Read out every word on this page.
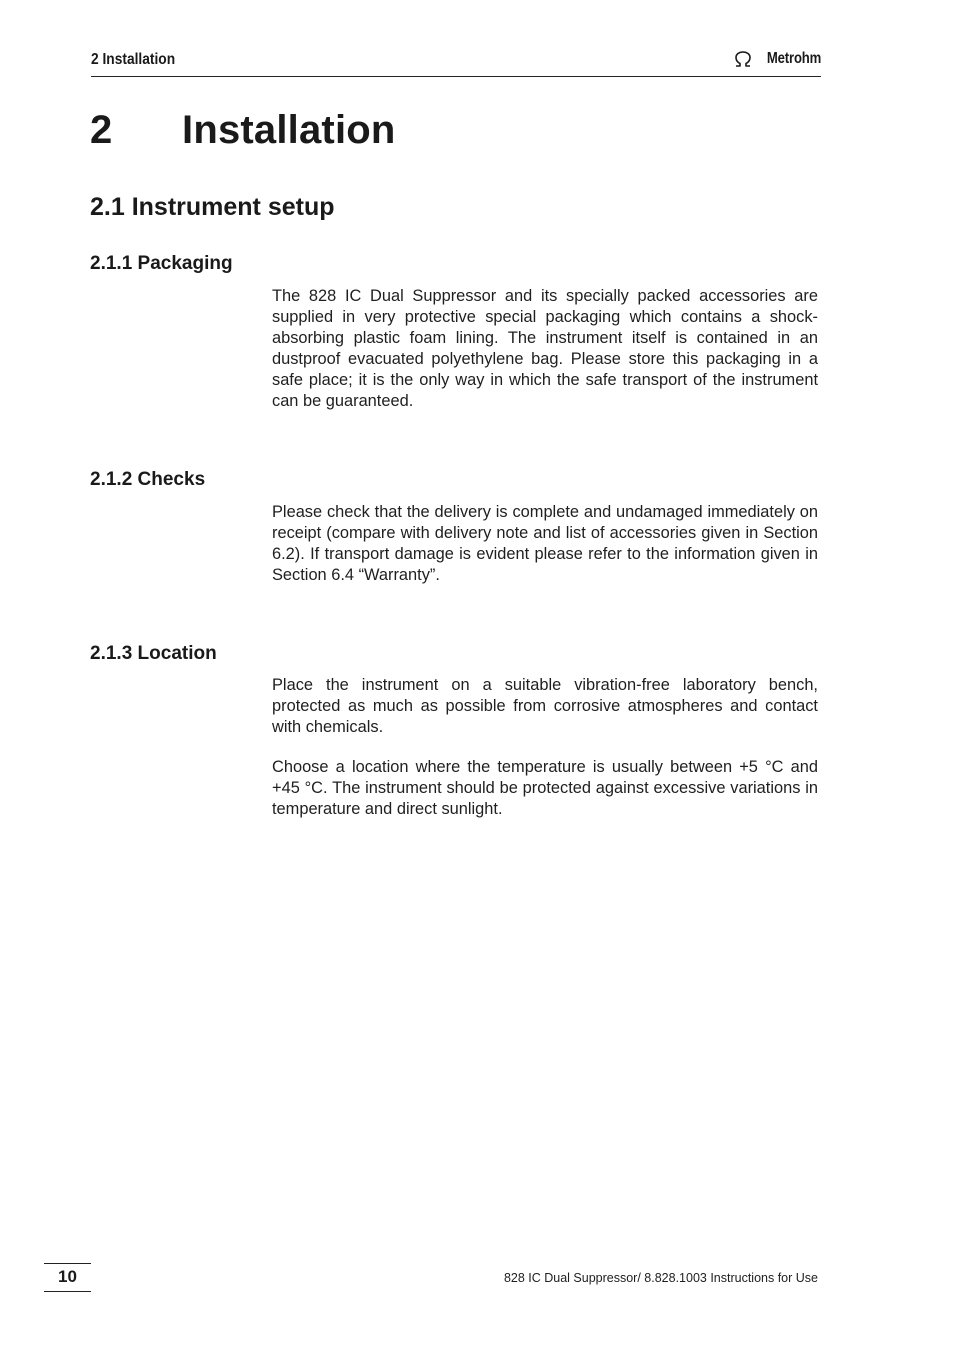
2 Installation	Metrohm
2 Installation
2.1 Instrument setup
2.1.1 Packaging

The 828 IC Dual Suppressor and its specially packed accessories are supplied in very protective special packaging which contains a shock-absorbing plastic foam lining. The instrument itself is contained in an dustproof evacuated polyethylene bag. Please store this packaging in a safe place; it is the only way in which the safe transport of the instrument can be guaranteed.

2.1.2 Checks

Please check that the delivery is complete and undamaged immediately on receipt (compare with delivery note and list of accessories given in Section 6.2). If transport damage is evident please refer to the information given in Section 6.4 “Warranty”.

2.1.3 Location

Place the instrument on a suitable vibration-free laboratory bench, protected as much as possible from corrosive atmospheres and contact with chemicals.

Choose a location where the temperature is usually between +5 °C and +45 °C. The instrument should be protected against excessive variations in temperature and direct sunlight.

10	828 IC Dual Suppressor/ 8.828.1003 Instructions for Use
